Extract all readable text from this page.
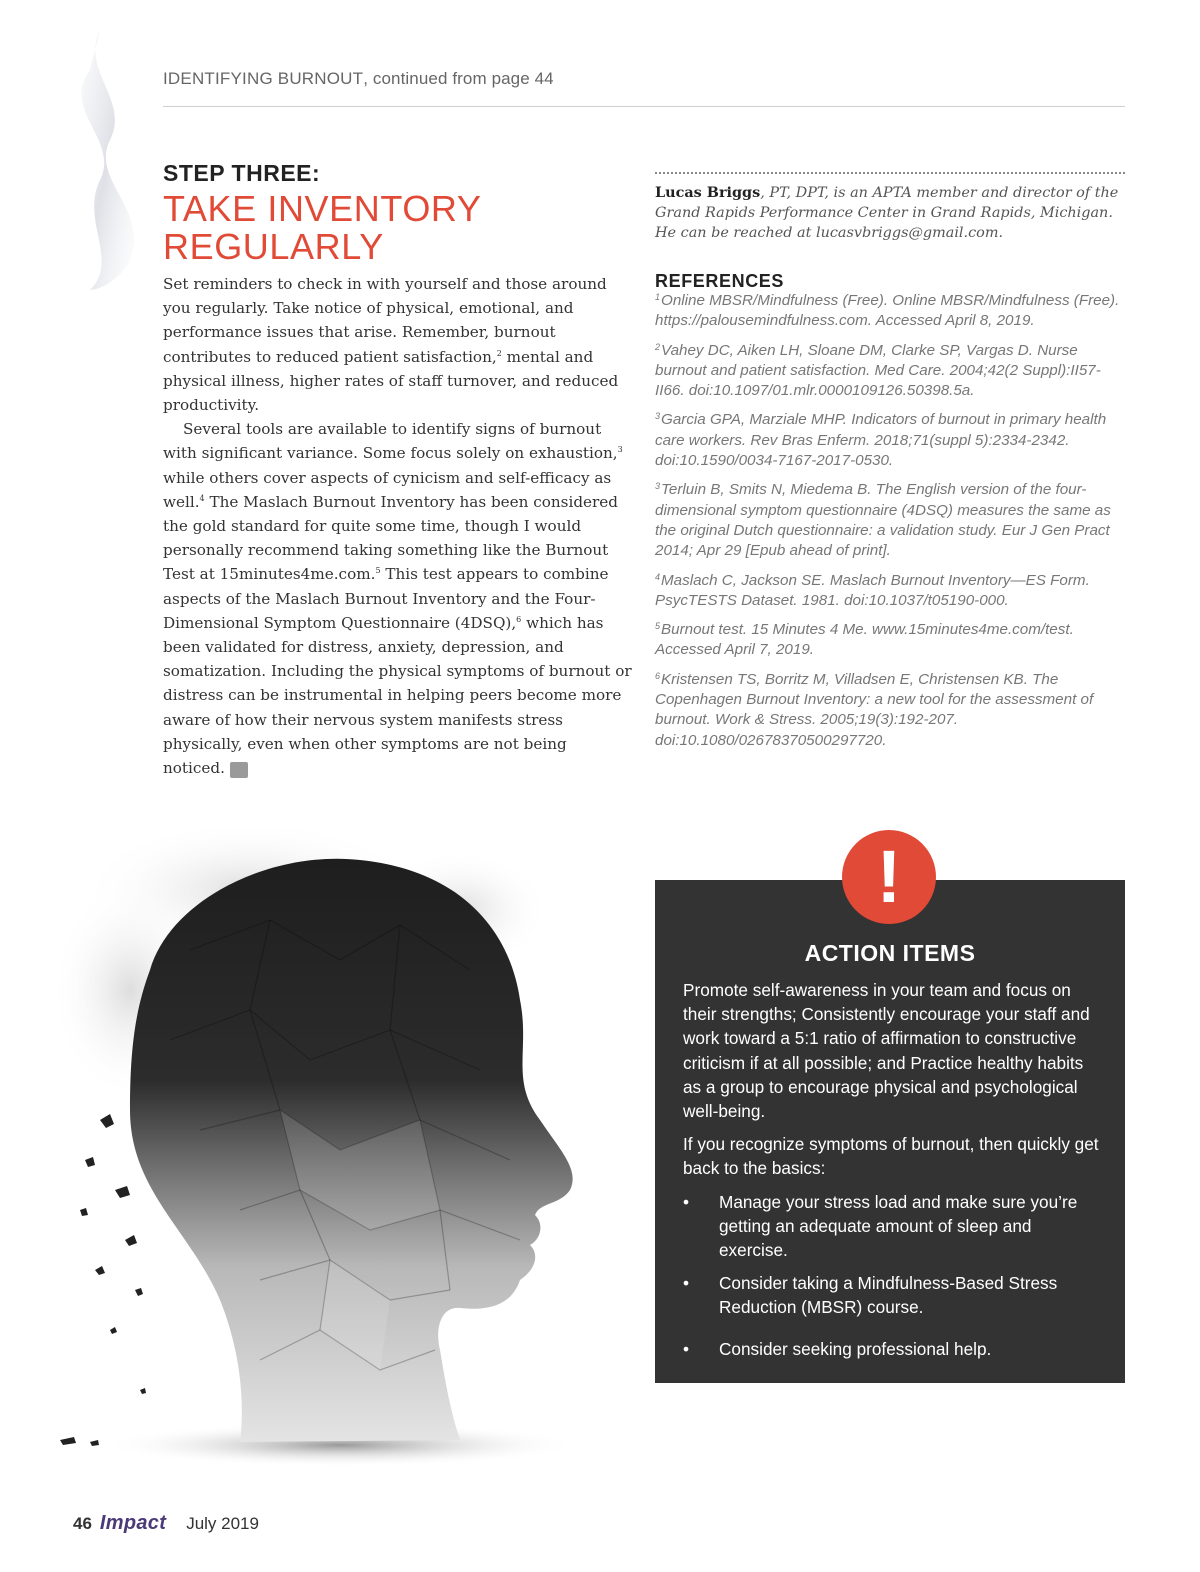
IDENTIFYING BURNOUT, continued from page 44

STEP THREE:

TAKE INVENTORY
REGULARLY

Set reminders to check in with yourself and those around you regularly. Take notice of physical, emotional, and performance issues that arise. Remember, burnout contributes to reduced patient satisfaction,$^2$ mental and physical illness, higher rates of staff turnover, and reduced productivity.

Several tools are available to identify signs of burnout with significant variance. Some focus solely on exhaustion,$^3$ while others cover aspects of cynicism and self-efficacy as well.$^4$ The Maslach Burnout Inventory has been considered the gold standard for quite some time, though I would personally recommend taking something like the Burnout Test at 15minutes4me.com.$^5$ This test appears to combine aspects of the Maslach Burnout Inventory and the Four-Dimensional Symptom Questionnaire (4DSQ),$^6$ which has been validated for distress, anxiety, depression, and somatization. Including the physical symptoms of burnout or distress can be instrumental in helping peers become more aware of how their nervous system manifests stress physically, even when other symptoms are not being noticed. I

Lucas Briggs, PT, DPT, is an APTA member and director of the Grand Rapids Performance Center in Grand Rapids, Michigan. He can be reached at lucasvbriggs@gmail.com.

REFERENCES

$^1$Online MBSR/Mindfulness (Free). Online MBSR/Mindfulness (Free). https://palousemindfulness.com. Accessed April 8, 2019.

$^2$Vahey DC, Aiken LH, Sloane DM, Clarke SP, Vargas D. Nurse burnout and patient satisfaction. Med Care. 2004;42(2 Suppl):II57-II66. doi:10.1097/01.mlr.0000109126.50398.5a.

$^3$Garcia GPA, Marziale MHP. Indicators of burnout in primary health care workers. Rev Bras Enferm. 2018;71(suppl 5):2334-2342. doi:10.1590/0034-7167-2017-0530.

$^3$Terluin B, Smits N, Miedema B. The English version of the four-dimensional symptom questionnaire (4DSQ) measures the same as the original Dutch questionnaire: a validation study. Eur J Gen Pract 2014; Apr 29 [Epub ahead of print].

$^4$Maslach C, Jackson SE. Maslach Burnout Inventory—ES Form. PsycTESTS Dataset. 1981. doi:10.1037/t05190-000.

$^5$Burnout test. 15 Minutes 4 Me. www.15minutes4me.com/test. Accessed April 7, 2019.

$^6$Kristensen TS, Borritz M, Villadsen E, Christensen KB. The Copenhagen Burnout Inventory: a new tool for the assessment of burnout. Work & Stress. 2005;19(3):192-207. doi:10.1080/02678370500297720.

ACTION ITEMS

Promote self-awareness in your team and focus on their strengths; Consistently encourage your staff and work toward a 5:1 ratio of affirmation to constructive criticism if at all possible; and Practice healthy habits as a group to encourage physical and psychological well-being.

If you recognize symptoms of burnout, then quickly get back to the basics:

• Manage your stress load and make sure you’re getting an adequate amount of sleep and exercise.
• Consider taking a Mindfulness-Based Stress Reduction (MBSR) course.
• Consider seeking professional help.
!
46 Impact July 2019
